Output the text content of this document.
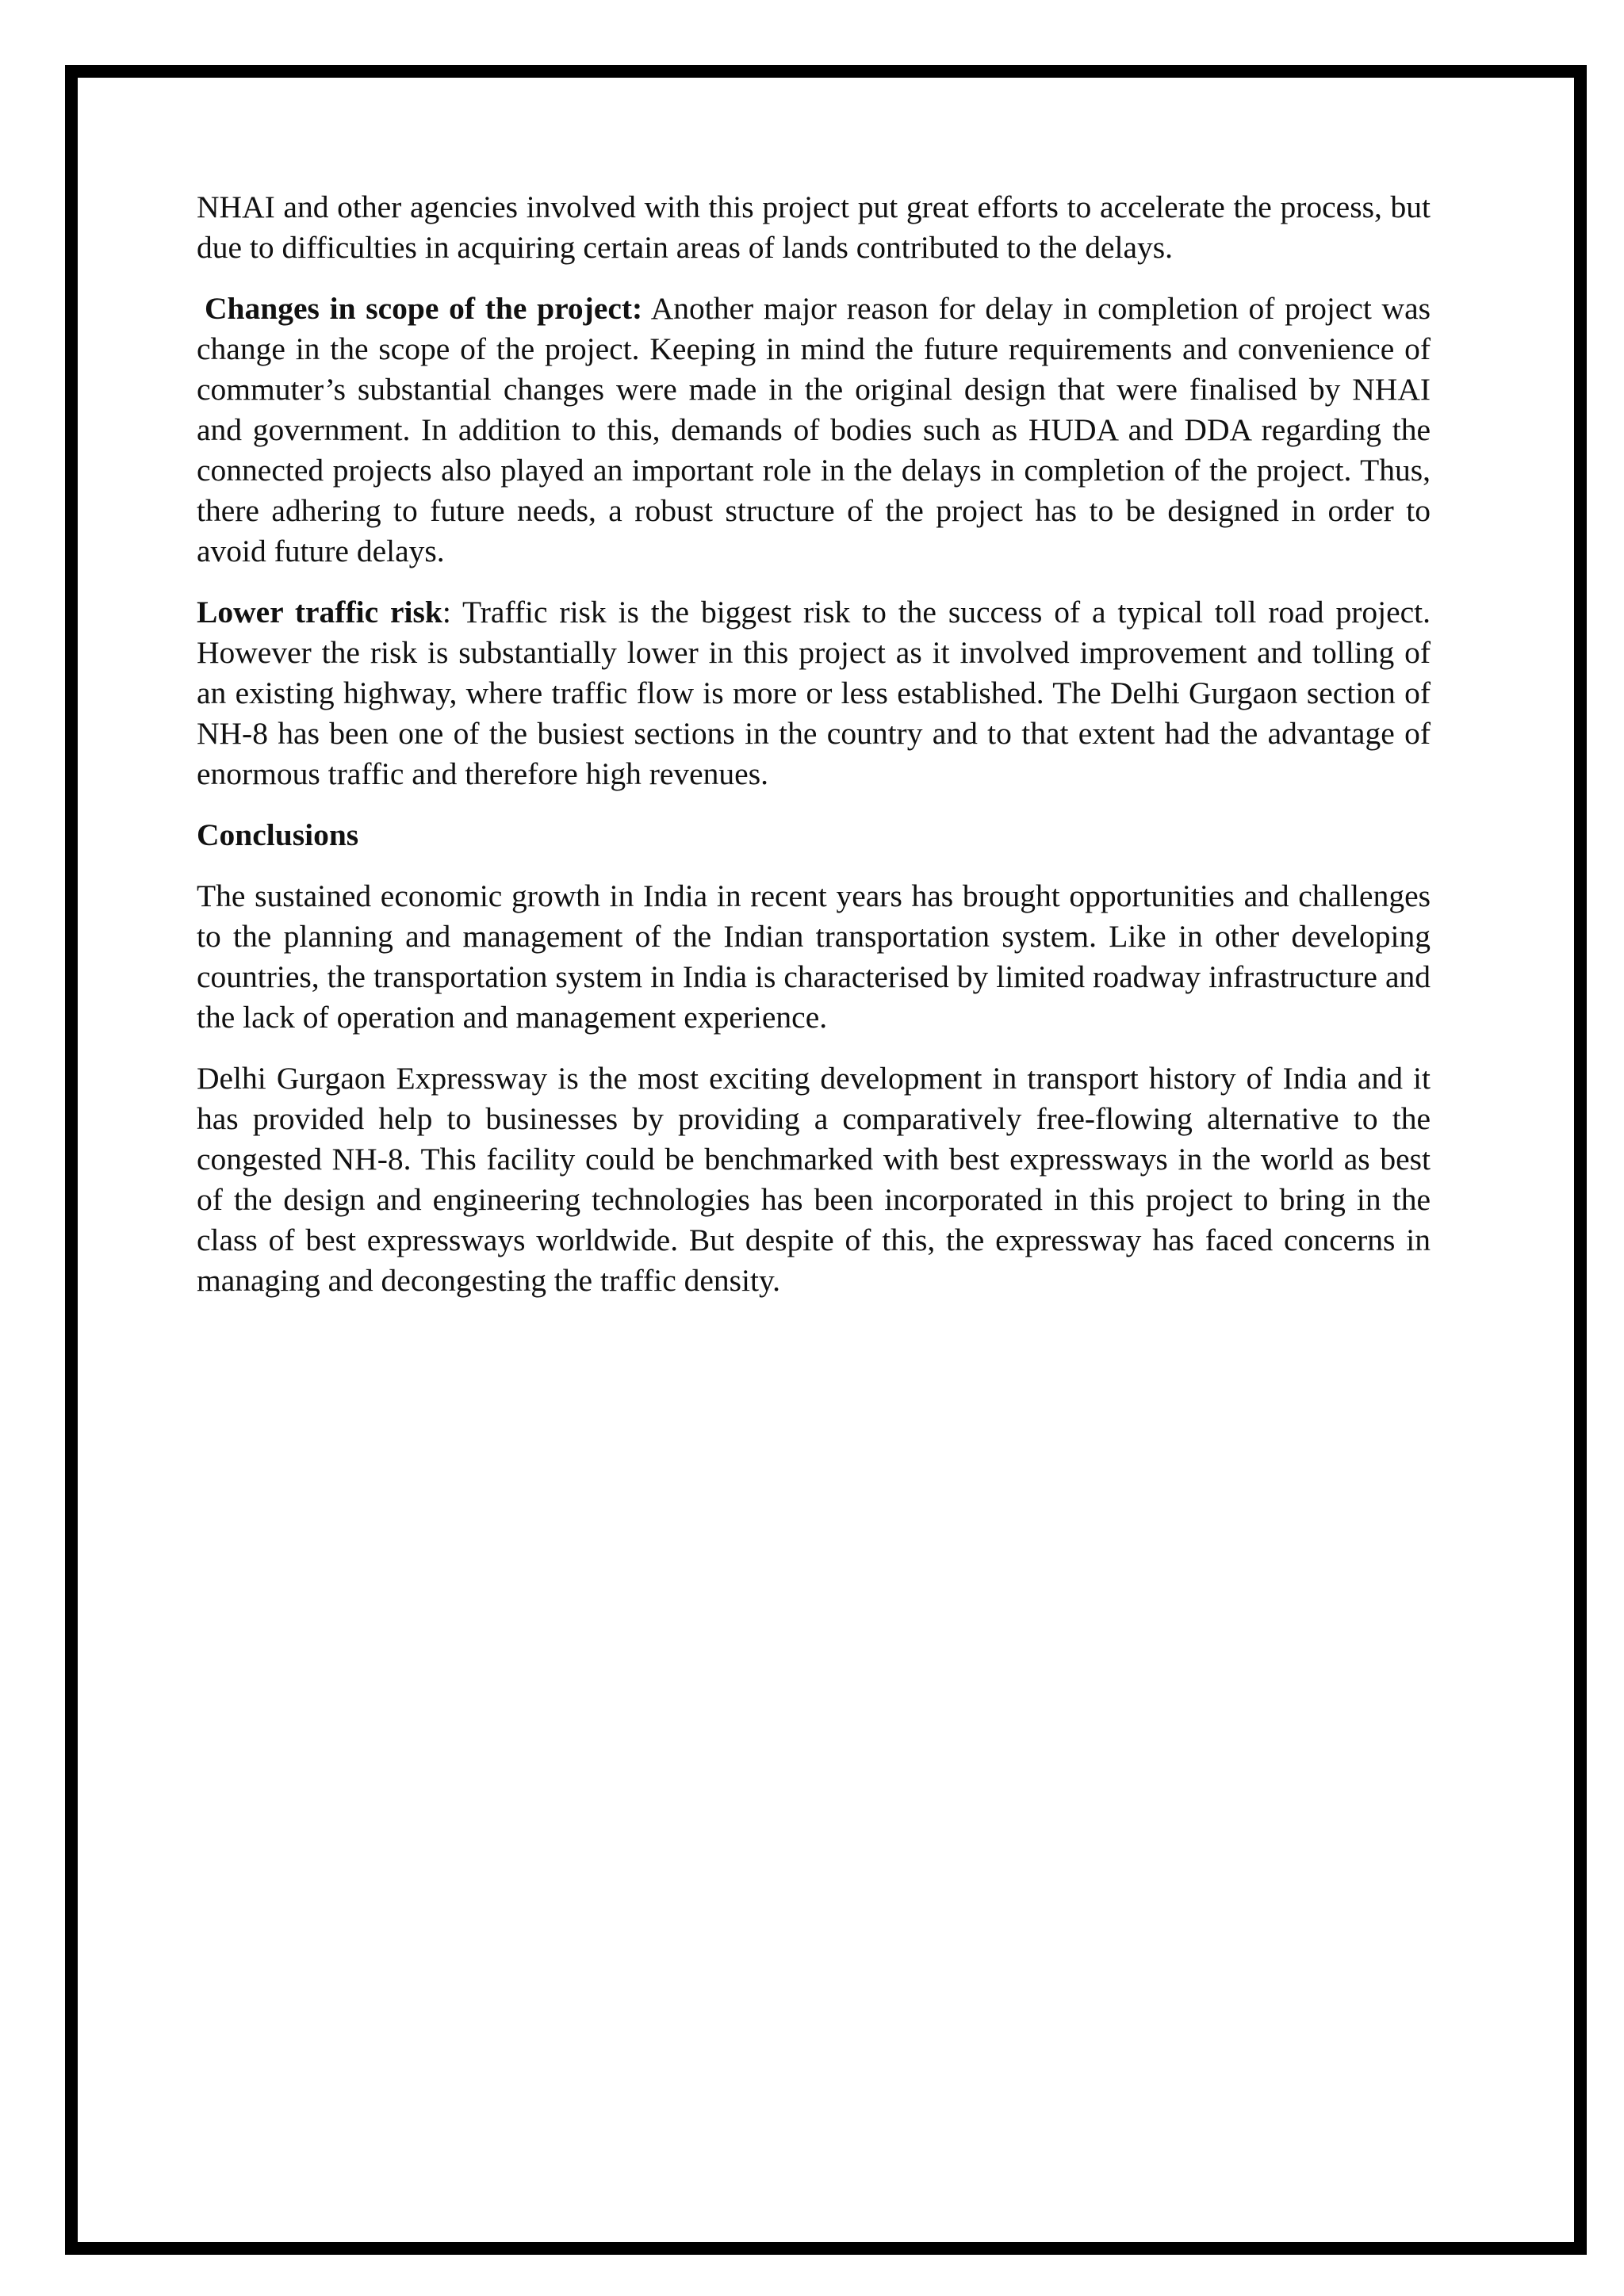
NHAI and other agencies involved with this project put great efforts to accelerate the process, but due to difficulties in acquiring certain areas of lands contributed to the delays.

Changes in scope of the project: Another major reason for delay in completion of project was change in the scope of the project. Keeping in mind the future requirements and convenience of commuter’s substantial changes were made in the original design that were finalised by NHAI and government. In addition to this, demands of bodies such as HUDA and DDA regarding the connected projects also played an important role in the delays in completion of the project. Thus, there adhering to future needs, a robust structure of the project has to be designed in order to avoid future delays.

Lower traffic risk: Traffic risk is the biggest risk to the success of a typical toll road project. However the risk is substantially lower in this project as it involved improvement and tolling of an existing highway, where traffic flow is more or less established. The Delhi Gurgaon section of NH-8 has been one of the busiest sections in the country and to that extent had the advantage of enormous traffic and therefore high revenues.

Conclusions

The sustained economic growth in India in recent years has brought opportunities and challenges to the planning and management of the Indian transportation system. Like in other developing countries, the transportation system in India is characterised by limited roadway infrastructure and the lack of operation and management experience.

Delhi Gurgaon Expressway is the most exciting development in transport history of India and it has provided help to businesses by providing a comparatively free-flowing alternative to the congested NH-8. This facility could be benchmarked with best expressways in the world as best of the design and engineering technologies has been incorporated in this project to bring in the class of best expressways worldwide. But despite of this, the expressway has faced concerns in managing and decongesting the traffic density.
